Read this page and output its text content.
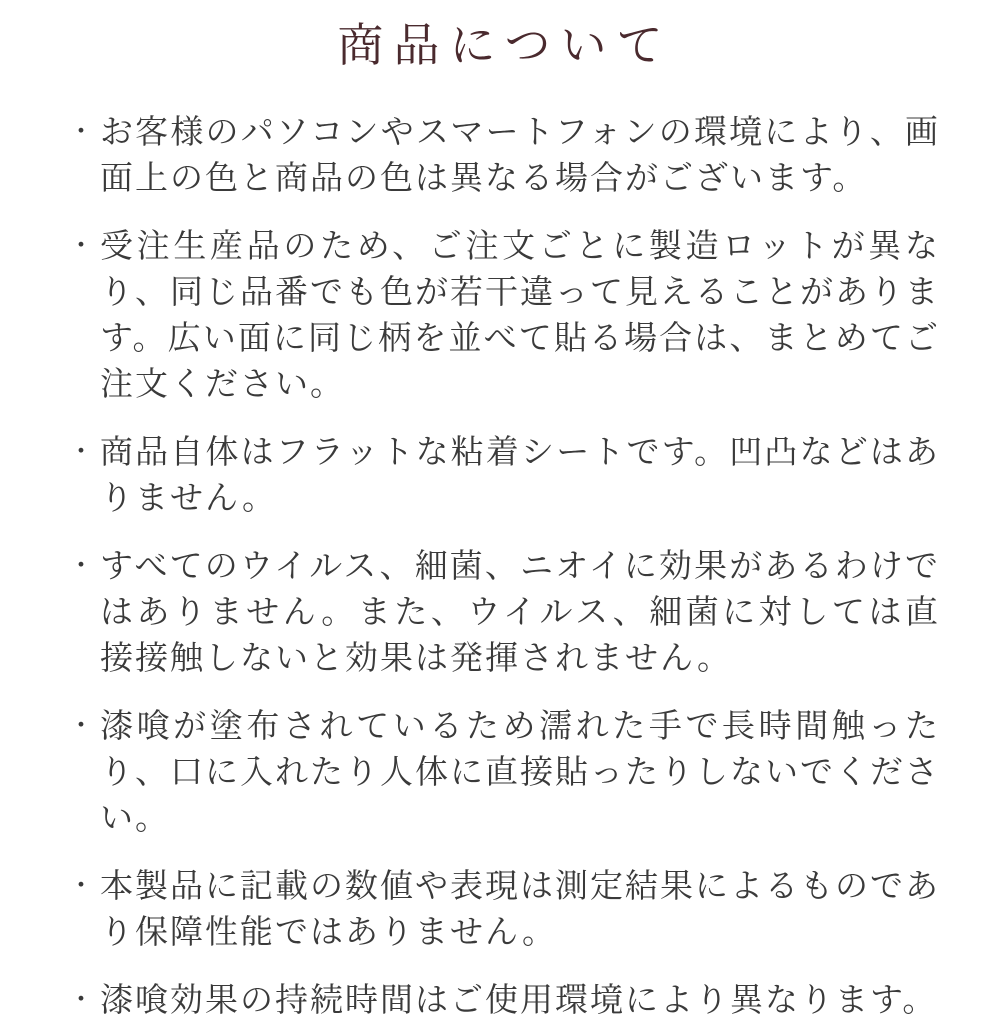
商品について
・ お客様のパソコンやスマートフォンの環境により、画面上の色と商品の色は異なる場合がございます。

・ 受注生産品のため、ご注文ごとに製造ロットが異なり、同じ品番でも色が若干違って見えることがあります。広い面に同じ柄を並べて貼る場合は、まとめてご注文ください。

・ 商品自体はフラットな粘着シートです。凹凸などはありません。

・ すべてのウイルス、細菌、ニオイに効果があるわけではありません。また、ウイルス、細菌に対しては直接接触しないと効果は発揮されません。

・ 漆喰が塗布されているため濡れた手で長時間触ったり、口に入れたり人体に直接貼ったりしないでください。

・ 本製品に記載の数値や表現は測定結果によるものであり保障性能ではありません。

・ 漆喰効果の持続時間はご使用環境により異なります。
